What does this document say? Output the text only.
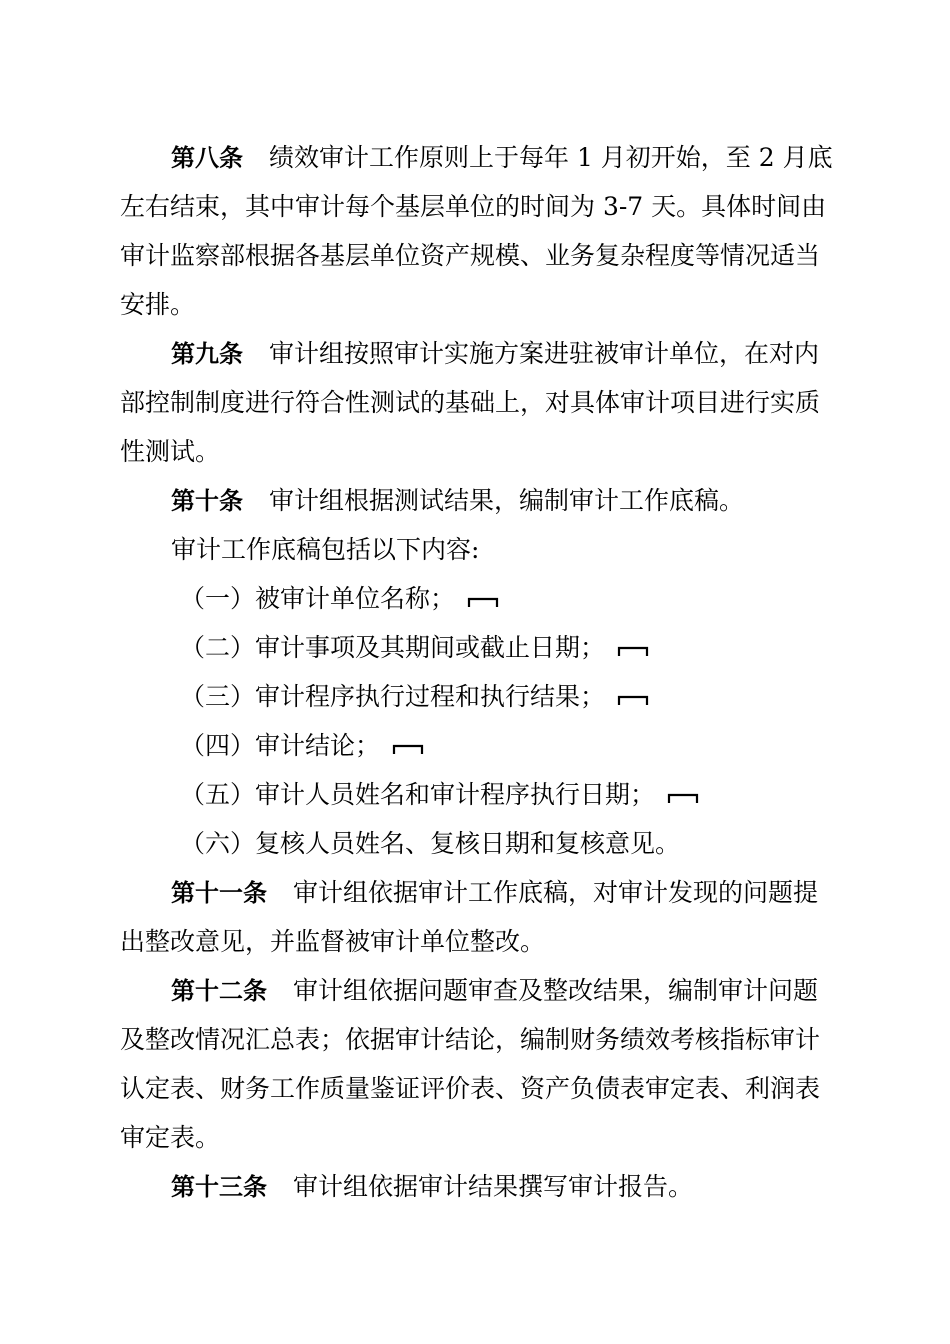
第八条 绩效审计工作原则上于每年 1 月初开始，至 2 月底
左右结束，其中审计每个基层单位的时间为 3-7 天。具体时间由
审计监察部根据各基层单位资产规模、业务复杂程度等情况适当
安排。
第九条 审计组按照审计实施方案进驻被审计单位，在对内
部控制制度进行符合性测试的基础上，对具体审计项目进行实质
性测试。
第十条 审计组根据测试结果，编制审计工作底稿。
审计工作底稿包括以下内容:
（一）被审计单位名称；
（二）审计事项及其期间或截止日期；
（三）审计程序执行过程和执行结果；
（四）审计结论；
（五）审计人员姓名和审计程序执行日期；
（六）复核人员姓名、复核日期和复核意见。
第十一条 审计组依据审计工作底稿，对审计发现的问题提
出整改意见，并监督被审计单位整改。
第十二条 审计组依据问题审查及整改结果，编制审计问题
及整改情况汇总表；依据审计结论，编制财务绩效考核指标审计
认定表、财务工作质量鉴证评价表、资产负债表审定表、利润表
审定表。
第十三条 审计组依据审计结果撰写审计报告。
